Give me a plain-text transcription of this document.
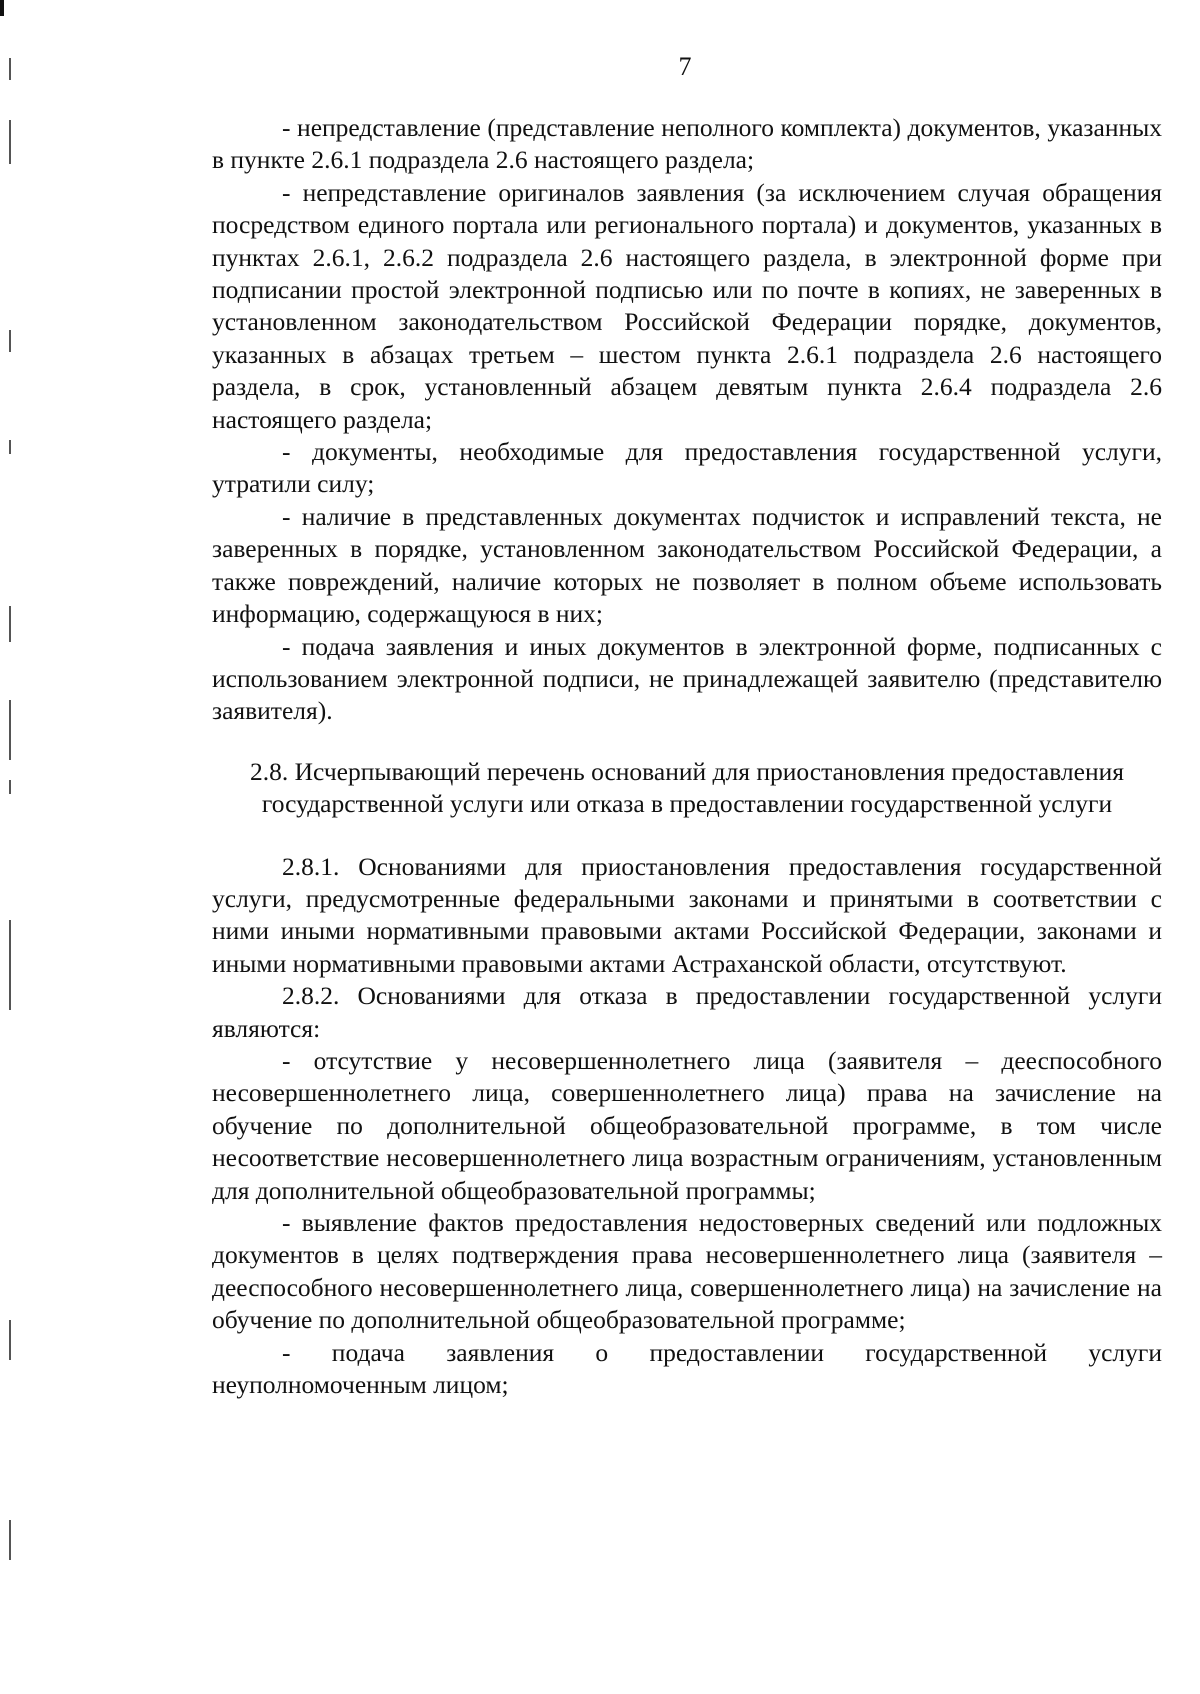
7

- непредставление (представление неполного комплекта) документов, указанных в пункте 2.6.1 подраздела 2.6 настоящего раздела;

- непредставление оригиналов заявления (за исключением случая обращения посредством единого портала или регионального портала) и документов, указанных в пунктах 2.6.1, 2.6.2 подраздела 2.6 настоящего раздела, в электронной форме при подписании простой электронной подписью или по почте в копиях, не заверенных в установленном законодательством Российской Федерации порядке, документов, указанных в абзацах третьем – шестом пункта 2.6.1 подраздела 2.6 настоящего раздела, в срок, установленный абзацем девятым пункта 2.6.4 подраздела 2.6 настоящего раздела;

- документы, необходимые для предоставления государственной услуги, утратили силу;

- наличие в представленных документах подчисток и исправлений текста, не заверенных в порядке, установленном законодательством Российской Федерации, а также повреждений, наличие которых не позволяет в полном объеме использовать информацию, содержащуюся в них;

- подача заявления и иных документов в электронной форме, подписанных с использованием электронной подписи, не принадлежащей заявителю (представителю заявителя).

2.8. Исчерпывающий перечень оснований для приостановления предоставления государственной услуги или отказа в предоставлении государственной услуги

2.8.1. Основаниями для приостановления предоставления государственной услуги, предусмотренные федеральными законами и принятыми в соответствии с ними иными нормативными правовыми актами Российской Федерации, законами и иными нормативными правовыми актами Астраханской области, отсутствуют.

2.8.2. Основаниями для отказа в предоставлении государственной услуги являются:

- отсутствие у несовершеннолетнего лица (заявителя – дееспособного несовершеннолетнего лица, совершеннолетнего лица) права на зачисление на обучение по дополнительной общеобразовательной программе, в том числе несоответствие несовершеннолетнего лица возрастным ограничениям, установленным для дополнительной общеобразовательной программы;

- выявление фактов предоставления недостоверных сведений или подложных документов в целях подтверждения права несовершеннолетнего лица (заявителя – дееспособного несовершеннолетнего лица, совершеннолетнего лица) на зачисление на обучение по дополнительной общеобразовательной программе;

- подача заявления о предоставлении государственной услуги неуполномоченным лицом;
